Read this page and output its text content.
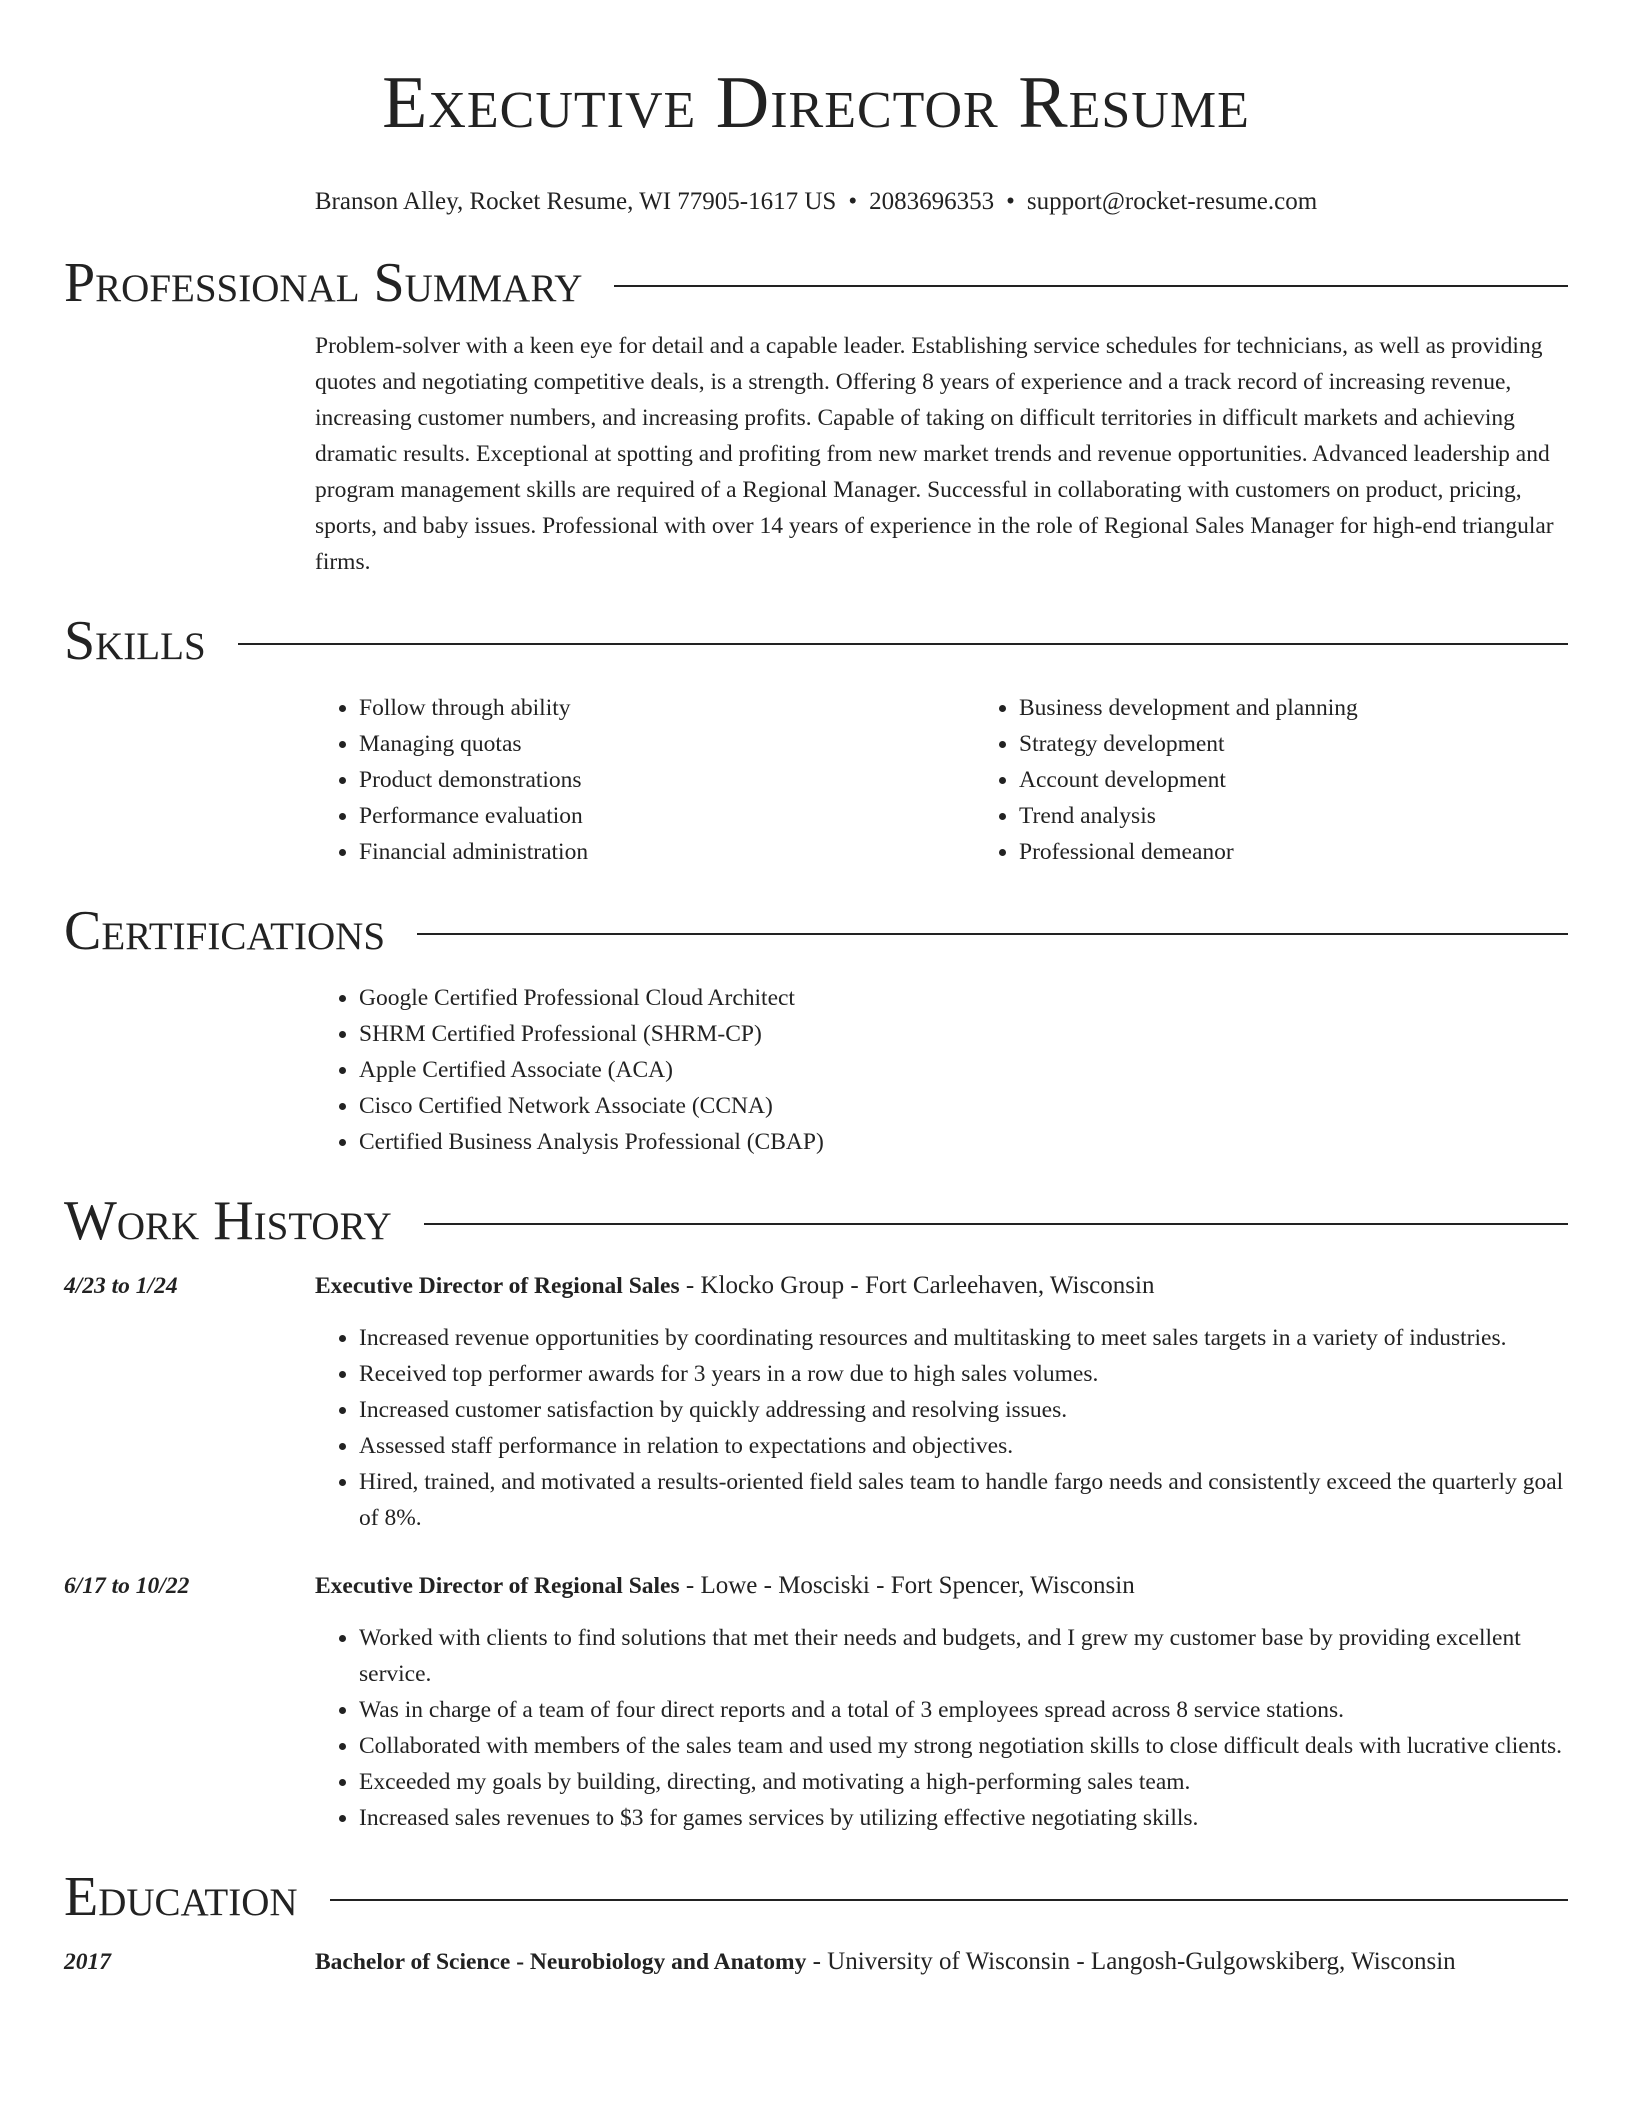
Executive Director Resume
Branson Alley, Rocket Resume, WI 77905-1617 US • 2083696353 • support@rocket-resume.com
Professional Summary

Problem-solver with a keen eye for detail and a capable leader. Establishing service schedules for technicians, as well as providing quotes and negotiating competitive deals, is a strength. Offering 8 years of experience and a track record of increasing revenue, increasing customer numbers, and increasing profits. Capable of taking on difficult territories in difficult markets and achieving dramatic results. Exceptional at spotting and profiting from new market trends and revenue opportunities. Advanced leadership and program management skills are required of a Regional Manager. Successful in collaborating with customers on product, pricing, sports, and baby issues. Professional with over 14 years of experience in the role of Regional Sales Manager for high-end triangular firms.

Skills
• Follow through ability
• Managing quotas
• Product demonstrations
• Performance evaluation
• Financial administration
• Business development and planning
• Strategy development
• Account development
• Trend analysis
• Professional demeanor
Certifications
• Google Certified Professional Cloud Architect
• SHRM Certified Professional (SHRM-CP)
• Apple Certified Associate (ACA)
• Cisco Certified Network Associate (CCNA)
• Certified Business Analysis Professional (CBAP)
Work History
4/23 to 1/24	Executive Director of Regional Sales - Klocko Group - Fort Carleehaven, Wisconsin

• Increased revenue opportunities by coordinating resources and multitasking to meet sales targets in a variety of industries.
• Received top performer awards for 3 years in a row due to high sales volumes.
• Increased customer satisfaction by quickly addressing and resolving issues.
• Assessed staff performance in relation to expectations and objectives.
• Hired, trained, and motivated a results-oriented field sales team to handle fargo needs and consistently exceed the quarterly goal of 8%.
6/17 to 10/22	Executive Director of Regional Sales - Lowe - Mosciski - Fort Spencer, Wisconsin

• Worked with clients to find solutions that met their needs and budgets, and I grew my customer base by providing excellent service.
• Was in charge of a team of four direct reports and a total of 3 employees spread across 8 service stations.
• Collaborated with members of the sales team and used my strong negotiation skills to close difficult deals with lucrative clients.
• Exceeded my goals by building, directing, and motivating a high-performing sales team.
• Increased sales revenues to $3 for games services by utilizing effective negotiating skills.
Education
2017	Bachelor of Science - Neurobiology and Anatomy - University of Wisconsin - Langosh-Gulgowskiberg, Wisconsin
